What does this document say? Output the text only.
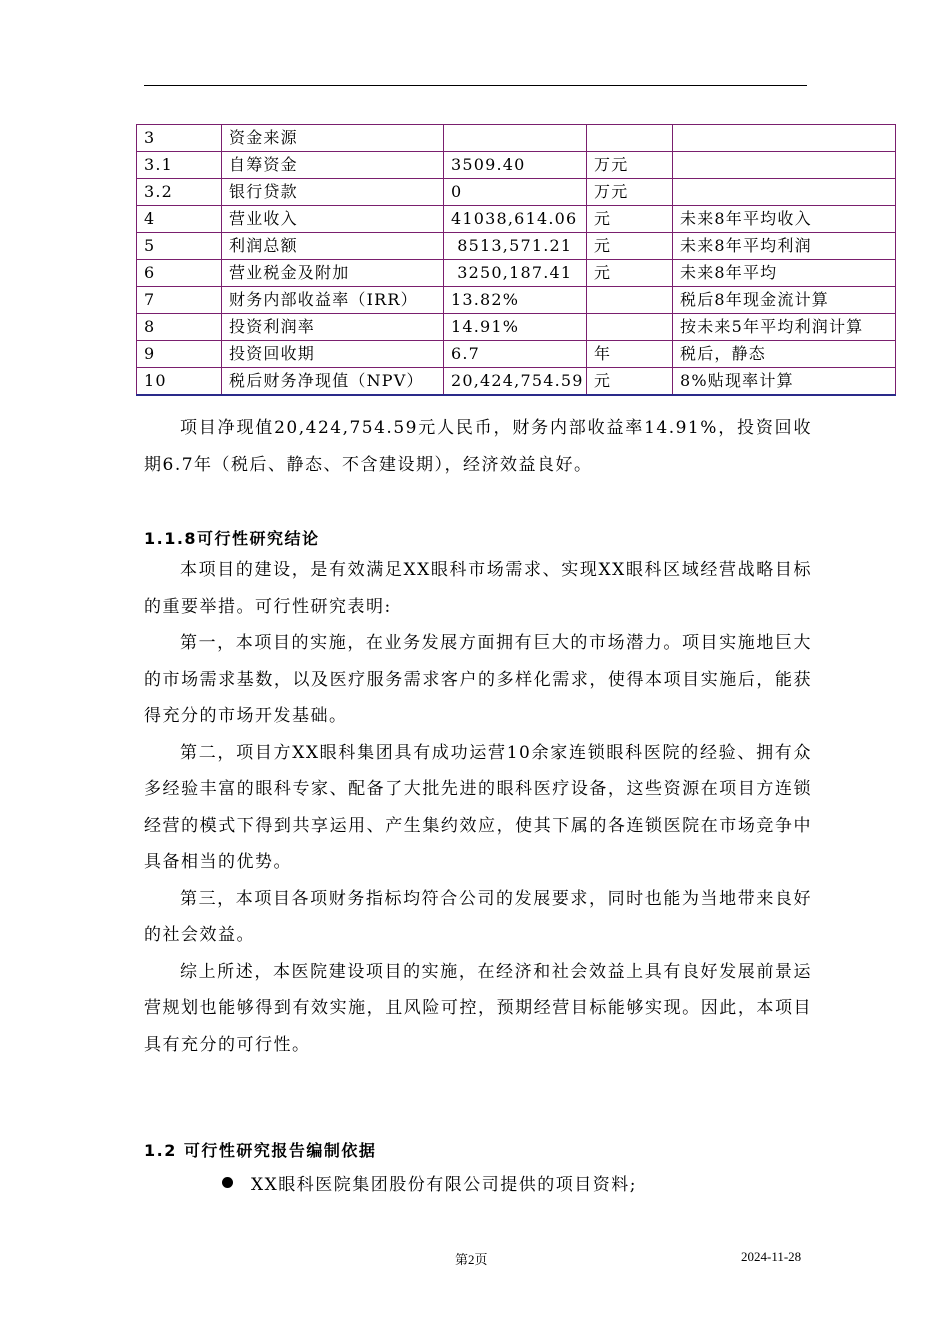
3	资金来源			
3.1	自筹资金	3509.40	万元	
3.2	银行贷款	0	万元	
4	营业收入	41038,614.06	元	未来8年平均收入
5	利润总额	8513,571.21	元	未来8年平均利润
6	营业税金及附加	3250,187.41	元	未来8年平均
7	财务内部收益率（IRR）	13.82%		税后8年现金流计算
8	投资利润率	14.91%		按未来5年平均利润计算
9	投资回收期	6.7	年	税后，静态
10	税后财务净现值（NPV）	20,424,754.59	元	8%贴现率计算

项目净现值20,424,754.59元人民币，财务内部收益率14.91%，投资回收期6.7年（税后、静态、不含建设期），经济效益良好。

1.1.8可行性研究结论

本项目的建设，是有效满足XX眼科市场需求、实现XX眼科区域经营战略目标的重要举措。可行性研究表明:

第一，本项目的实施，在业务发展方面拥有巨大的市场潜力。项目实施地巨大的市场需求基数，以及医疗服务需求客户的多样化需求，使得本项目实施后，能获得充分的市场开发基础。

第二，项目方XX眼科集团具有成功运营10余家连锁眼科医院的经验、拥有众多经验丰富的眼科专家、配备了大批先进的眼科医疗设备，这些资源在项目方连锁经营的模式下得到共享运用、产生集约效应，使其下属的各连锁医院在市场竞争中具备相当的优势。

第三，本项目各项财务指标均符合公司的发展要求，同时也能为当地带来良好的社会效益。

综上所述，本医院建设项目的实施，在经济和社会效益上具有良好发展前景运营规划也能够得到有效实施，且风险可控，预期经营目标能够实现。因此，本项目具有充分的可行性。

1.2 可行性研究报告编制依据
XX眼科医院集团股份有限公司提供的项目资料;
第2页	2024-11-28
